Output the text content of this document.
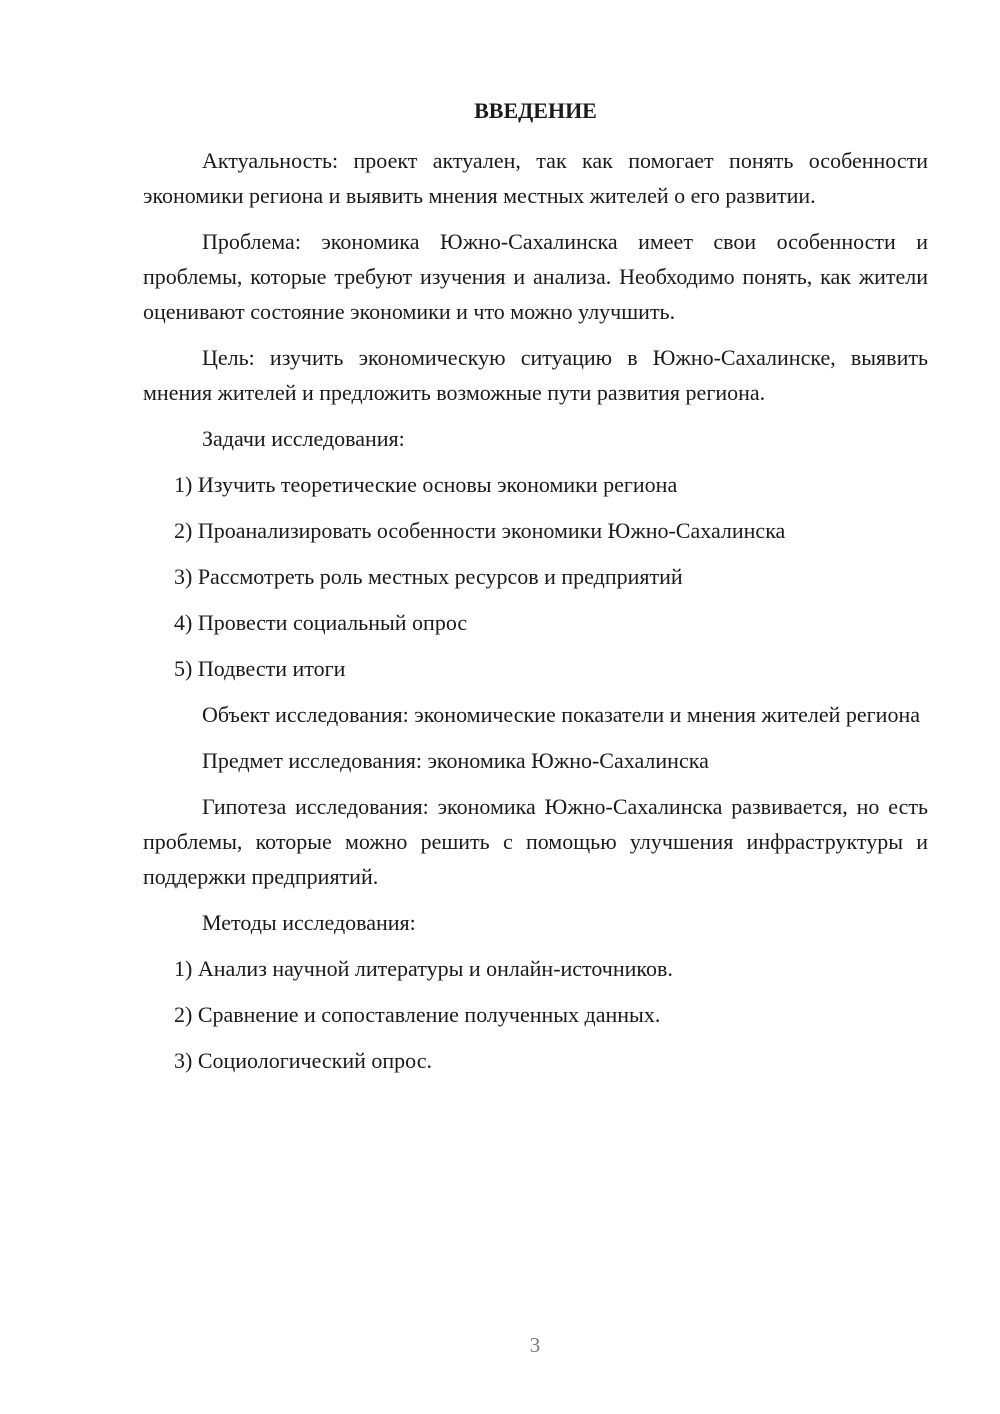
ВВЕДЕНИЕ

Актуальность: проект актуален, так как помогает понять особенности экономики региона и выявить мнения местных жителей о его развитии.

Проблема: экономика Южно-Сахалинска имеет свои особенности и проблемы, которые требуют изучения и анализа. Необходимо понять, как жители оценивают состояние экономики и что можно улучшить.

Цель: изучить экономическую ситуацию в Южно-Сахалинске, выявить мнения жителей и предложить возможные пути развития региона.

Задачи исследования:

1) Изучить теоретические основы экономики региона

2) Проанализировать особенности экономики Южно-Сахалинска

3) Рассмотреть роль местных ресурсов и предприятий

4) Провести социальный опрос

5) Подвести итоги

Объект исследования: экономические показатели и мнения жителей региона

Предмет исследования: экономика Южно-Сахалинска

Гипотеза исследования: экономика Южно-Сахалинска развивается, но есть проблемы, которые можно решить с помощью улучшения инфраструктуры и поддержки предприятий.

Методы исследования:

1) Анализ научной литературы и онлайн-источников.

2) Сравнение и сопоставление полученных данных.

3) Социологический опрос.

3
